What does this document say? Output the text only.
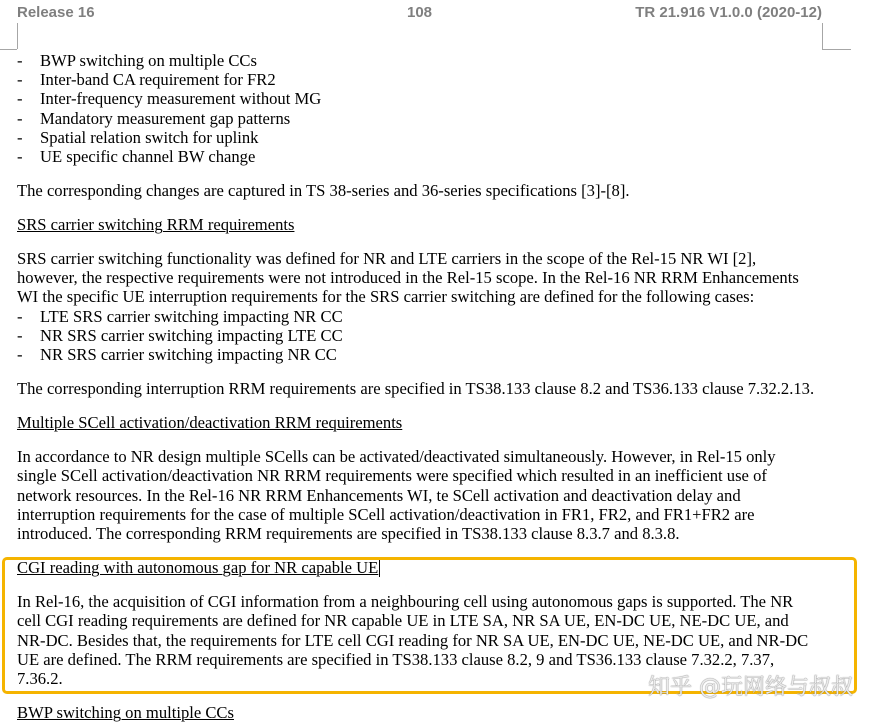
Release 16	108	TR 21.916 V1.0.0 (2020-12)
- BWP switching on multiple CCs
- Inter-band CA requirement for FR2
- Inter-frequency measurement without MG
- Mandatory measurement gap patterns
- Spatial relation switch for uplink
- UE specific channel BW change
The corresponding changes are captured in TS 38-series and 36-series specifications [3]-[8].
SRS carrier switching RRM requirements
SRS carrier switching functionality was defined for NR and LTE carriers in the scope of the Rel-15 NR WI [2],
however, the respective requirements were not introduced in the Rel-15 scope. In the Rel-16 NR RRM Enhancements
WI the specific UE interruption requirements for the SRS carrier switching are defined for the following cases:
- LTE SRS carrier switching impacting NR CC
- NR SRS carrier switching impacting LTE CC
- NR SRS carrier switching impacting NR CC
The corresponding interruption RRM requirements are specified in TS38.133 clause 8.2 and TS36.133 clause 7.32.2.13.
Multiple SCell activation/deactivation RRM requirements
In accordance to NR design multiple SCells can be activated/deactivated simultaneously. However, in Rel-15 only
single SCell activation/deactivation NR RRM requirements were specified which resulted in an inefficient use of
network resources. In the Rel-16 NR RRM Enhancements WI, te SCell activation and deactivation delay and
interruption requirements for the case of multiple SCell activation/deactivation in FR1, FR2, and FR1+FR2 are
introduced. The corresponding RRM requirements are specified in TS38.133 clause 8.3.7 and 8.3.8.
CGI reading with autonomous gap for NR capable UE
In Rel-16, the acquisition of CGI information from a neighbouring cell using autonomous gaps is supported. The NR
cell CGI reading requirements are defined for NR capable UE in LTE SA, NR SA UE, EN-DC UE, NE-DC UE, and
NR-DC. Besides that, the requirements for LTE cell CGI reading for NR SA UE, EN-DC UE, NE-DC UE, and NR-DC
UE are defined. The RRM requirements are specified in TS38.133 clause 8.2, 9 and TS36.133 clause 7.32.2, 7.37,
7.36.2.
BWP switching on multiple CCs
知乎 @玩网络与叔叔
